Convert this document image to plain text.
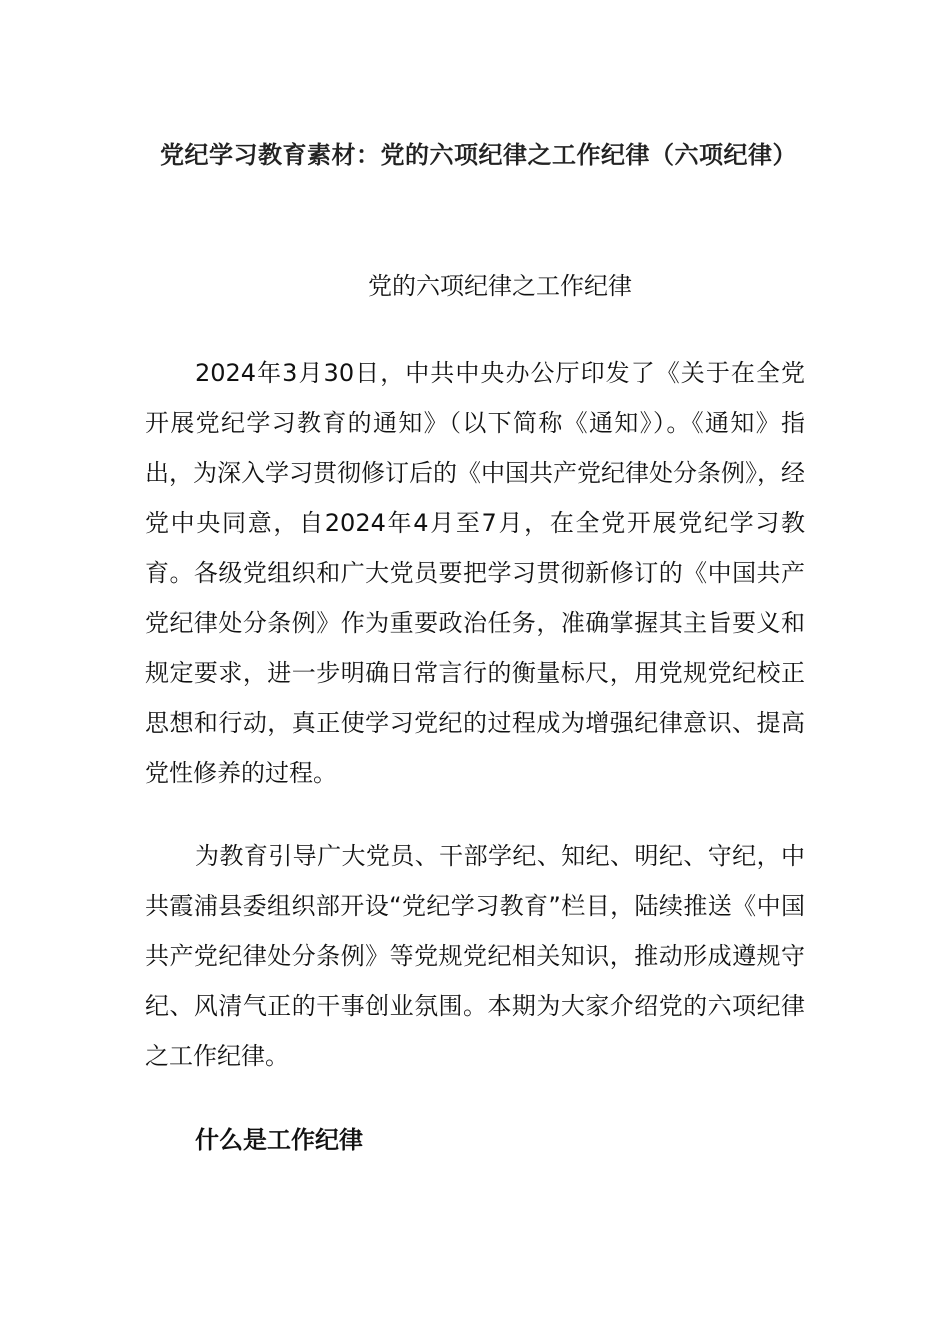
党纪学习教育素材：党的六项纪律之工作纪律（六项纪律）
党的六项纪律之工作纪律

2024年3月30日，中共中央办公厅印发了《关于在全党开展党纪学习教育的通知》（以下简称《通知》）。《通知》指出，为深入学习贯彻修订后的《中国共产党纪律处分条例》，经党中央同意，自2024年4月至7月，在全党开展党纪学习教育。各级党组织和广大党员要把学习贯彻新修订的《中国共产党纪律处分条例》作为重要政治任务，准确掌握其主旨要义和规定要求，进一步明确日常言行的衡量标尺，用党规党纪校正思想和行动，真正使学习党纪的过程成为增强纪律意识、提高党性修养的过程。

为教育引导广大党员、干部学纪、知纪、明纪、守纪，中共霞浦县委组织部开设“党纪学习教育”栏目，陆续推送《中国共产党纪律处分条例》等党规党纪相关知识，推动形成遵规守纪、风清气正的干事创业氛围。本期为大家介绍党的六项纪律之工作纪律。

什么是工作纪律
